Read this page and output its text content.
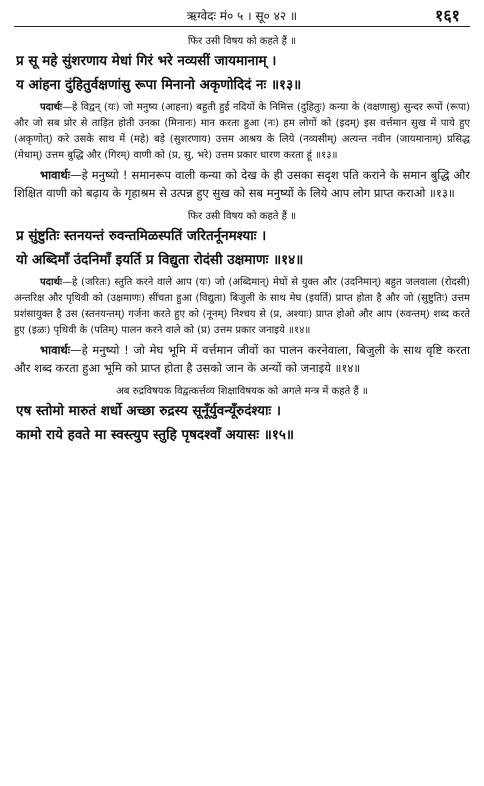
ऋग्वेदः मं० ५ । सू० ४२ ॥	१६१
फिर उसी विषय को कहते हैं ॥
प्र सू महे सुंशरणाय मेधां गिरं भरे नव्यसीं जायमानाम् ।
य आंहना दुंहितुर्वक्षणांसु रूपा मिनानो अकृणोदिदं नः ॥१३॥
पदार्थः—हे विद्वन् (यः) जो मनुष्य (आहना) बहुती हुई नदियों के निमित्त (दुहितुः) कन्या के (वक्षणासु) सुन्दर रूपों (रूपा) और जो सब प्रोर से ताड़ित होती उनका (मिनानः) मान करता हुआ (नः) हम लोगों को (इदम्) इस वर्त्तमान सुख में पाये हुए (अकृणोत्) करे उसके साथ में (महे) बड़े (सुशरणाय) उत्तम आश्रय के लिये (नव्यसीम्) अत्यन्त नवीन (जायमानाम्) प्रसिद्ध (मेधाम्) उत्तम बुद्धि और (गिरम्) वाणी को (प्र, सु, भरे) उत्तम प्रकार धारण करता हूं ॥१३॥
भावार्थः—हे मनुष्यो ! समानरूप वाली कन्या को देख के ही उसका सदृश पति कराने के समान बुद्धि और शिक्षित वाणी को बढ़ाय के गृहाश्रम से उत्पन्न हुए सुख को सब मनुष्यों के लिये आप लोग प्राप्त कराओ ॥१३॥
फिर उसी विषय को कहते हैं ॥
प्र सुंष्टुतिः स्तनयन्तं रुवन्तमिळस्पतिं जरितर्नूनमश्याः ।
यो अब्दिमाँ उंदनिमाँ इयर्ति प्र विद्युता रोदंसी उक्षमाणः ॥१४॥
पदार्थः—हे (जरितः) स्तुति करने वाले आप (यः) जो (अब्दिमान्) मेघों से युक्त और (उदनिमान्) बहुत जलवाला (रोदसी) अन्तरिक्ष और पृथिवी को (उक्षमाणः) सींचता हुआ (विद्युता) बिजुली के साथ मेघ (इयर्ति) प्राप्त होता है और जो (सुष्टुतिः) उत्तम प्रशंसायुक्त है उस (स्तनयन्तम्) गर्जना करते हुए को (नूनम्) निश्चय से (प्र, अश्याः) प्राप्त होओ और आप (रुवन्तम्) शब्द करते हुए (इळः) पृथिवी के (पतिम्) पालन करने वाले को (प्र) उत्तम प्रकार जनाइये ॥१४॥
भावार्थः—हे मनुष्यो ! जो मेघ भूमि में वर्त्तमान जीवों का पालन करनेवाला, बिजुली के साथ वृष्टि करता और शब्द करता हुआ भूमि को प्राप्त होता है उसको जान के अन्यों को जनाइये ॥१४॥
अब रुद्रविषयक विद्वत्कर्त्तव्य शिक्षाविषयक को अगले मन्त्र में कहते हैं ॥
एष स्तोमो मारुतं शर्धो अच्छा रुद्रस्य सूनूँर्युवन्यूँरुदंश्याः ।
कामो राये हवते मा स्वस्त्युप स्तुहि पृषदश्वाँ अयासः ॥१५॥
